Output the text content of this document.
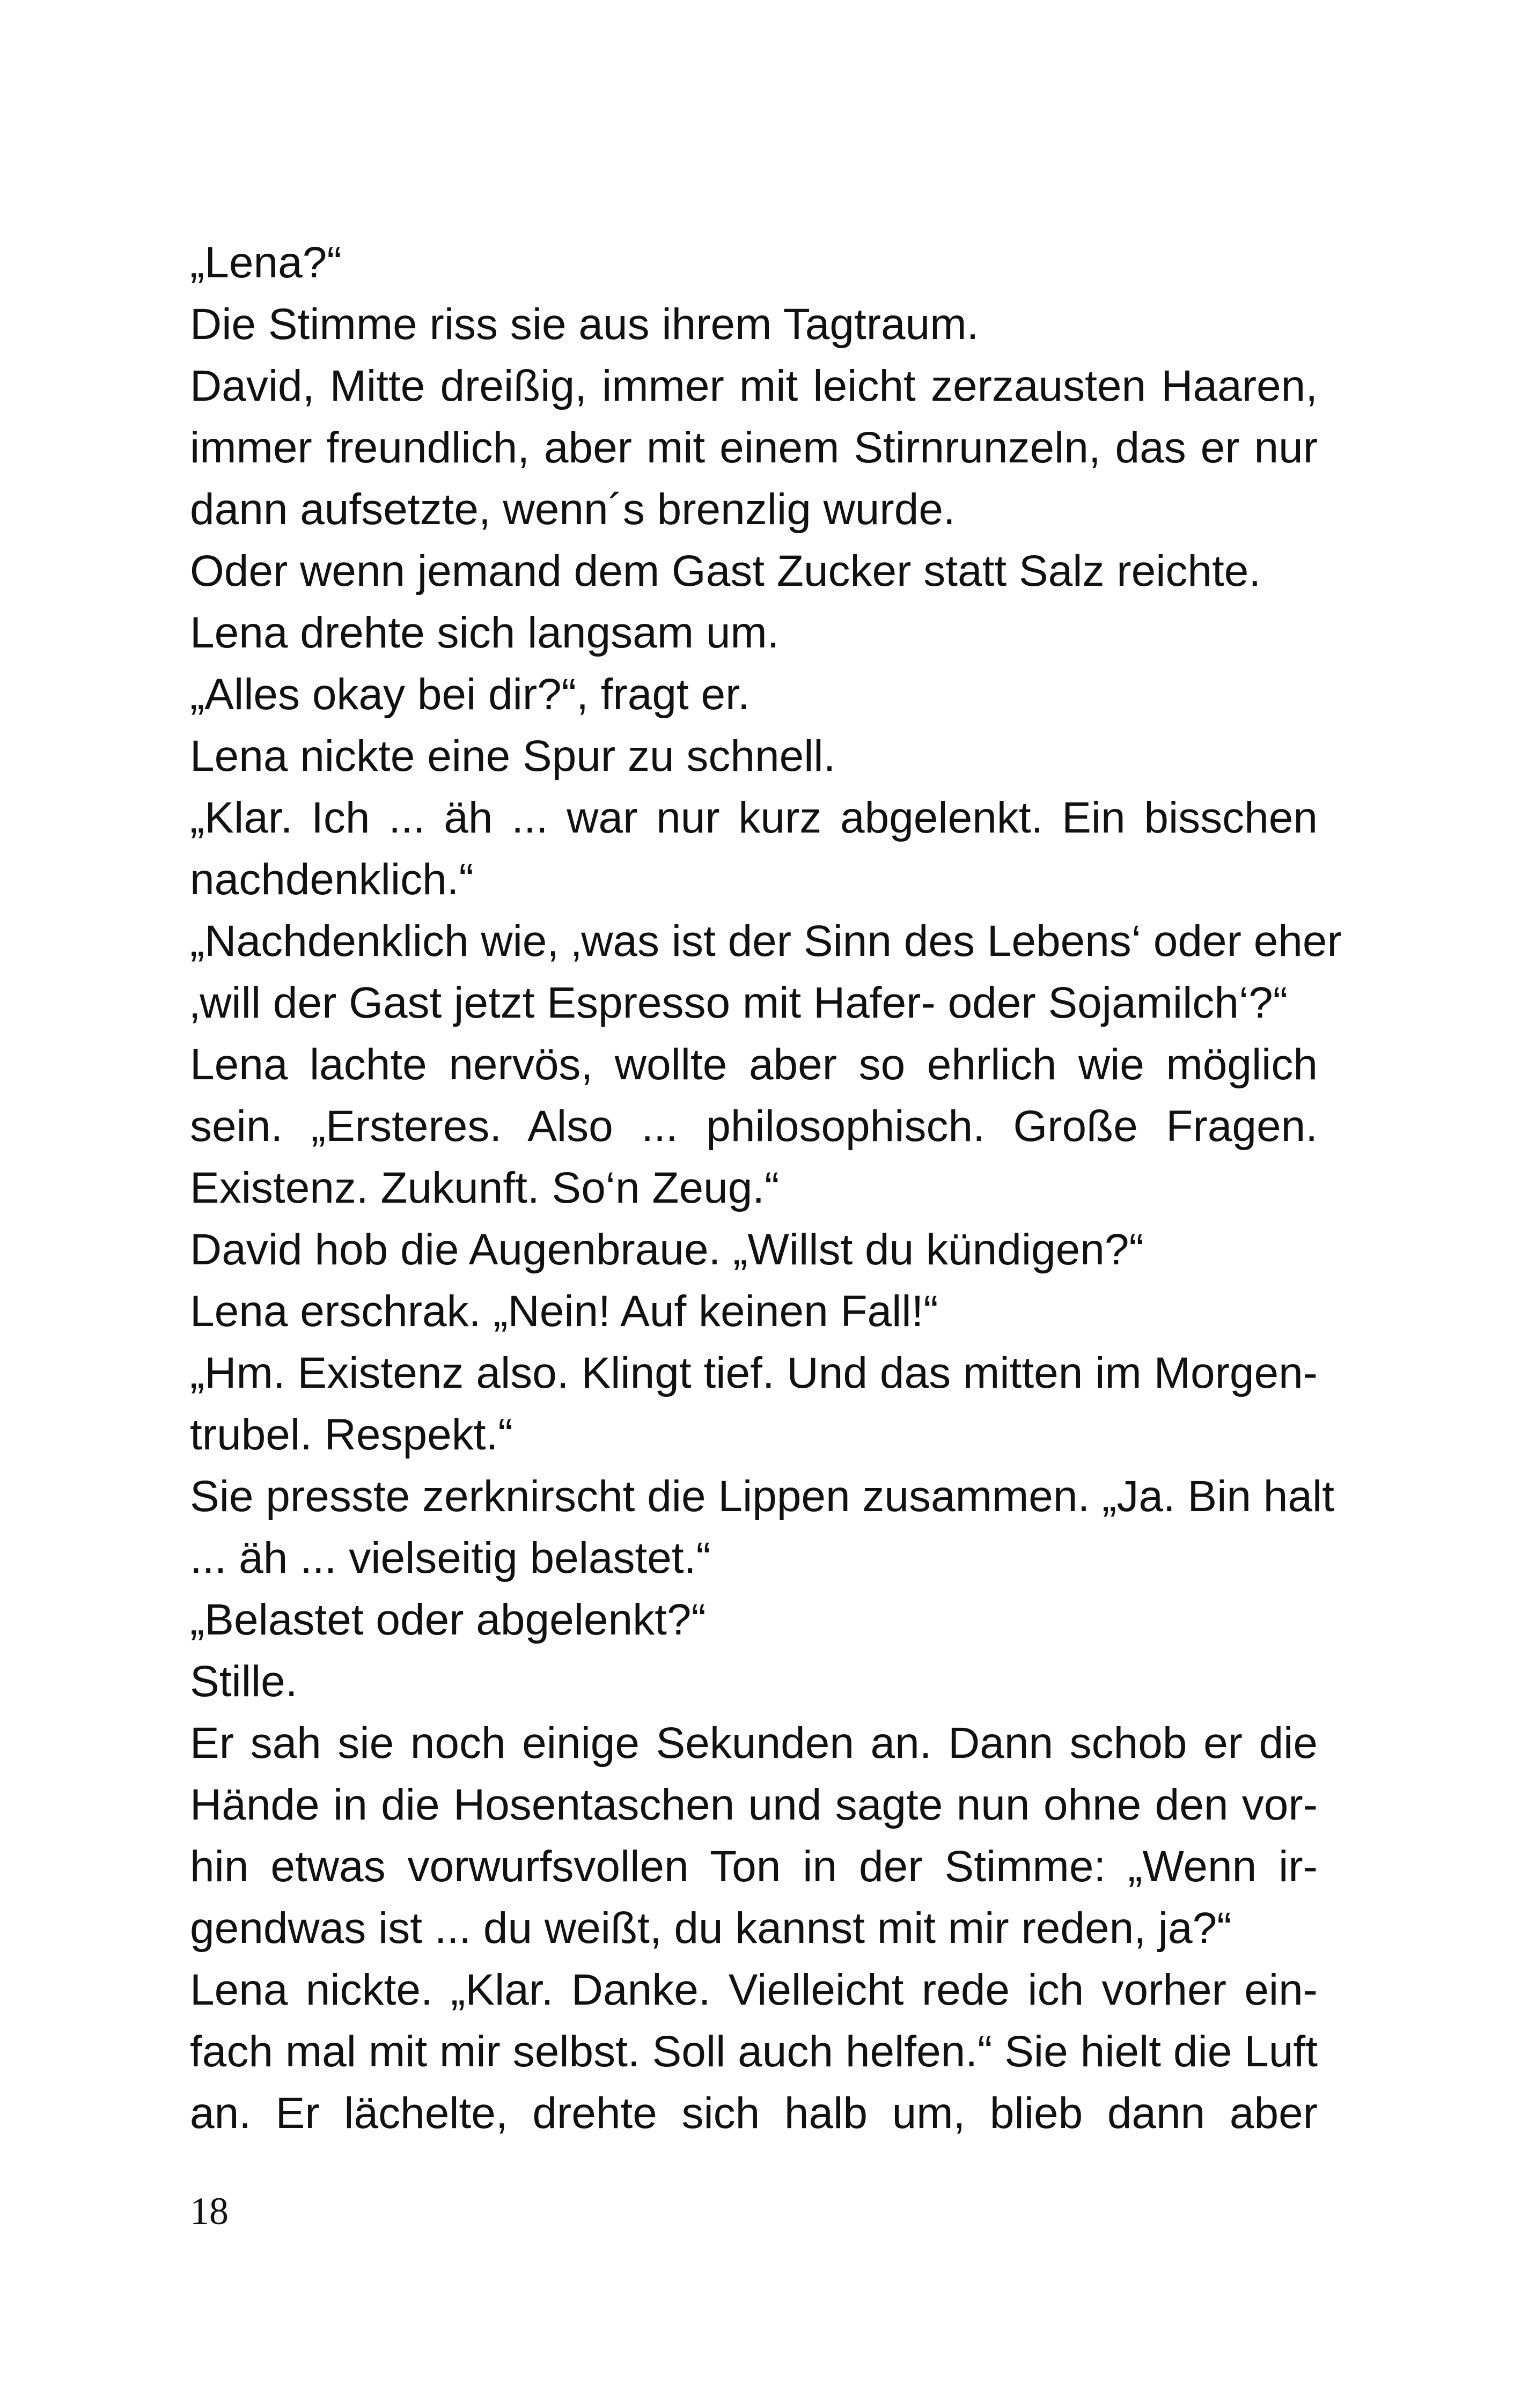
„Lena?“
Die Stimme riss sie aus ihrem Tagtraum.
David, Mitte dreißig, immer mit leicht zerzausten Haaren,
immer freundlich, aber mit einem Stirnrunzeln, das er nur
dann aufsetzte, wenn´s brenzlig wurde.
Oder wenn jemand dem Gast Zucker statt Salz reichte.
Lena drehte sich langsam um.
„Alles okay bei dir?“, fragt er.
Lena nickte eine Spur zu schnell.
„Klar. Ich ... äh ... war nur kurz abgelenkt. Ein bisschen
nachdenklich.“
„Nachdenklich wie, ‚was ist der Sinn des Lebens‘ oder eher
‚will der Gast jetzt Espresso mit Hafer- oder Sojamilch‘?“
Lena lachte nervös, wollte aber so ehrlich wie möglich
sein. „Ersteres. Also ... philosophisch. Große Fragen.
Existenz. Zukunft. So‘n Zeug.“
David hob die Augenbraue. „Willst du kündigen?“
Lena erschrak. „Nein! Auf keinen Fall!“
„Hm. Existenz also. Klingt tief. Und das mitten im Morgen-
trubel. Respekt.“
Sie presste zerknirscht die Lippen zusammen. „Ja. Bin halt
... äh ... vielseitig belastet.“
„Belastet oder abgelenkt?“
Stille.
Er sah sie noch einige Sekunden an. Dann schob er die
Hände in die Hosentaschen und sagte nun ohne den vor-
hin etwas vorwurfsvollen Ton in der Stimme: „Wenn ir-
gendwas ist ... du weißt, du kannst mit mir reden, ja?“
Lena nickte. „Klar. Danke. Vielleicht rede ich vorher ein-
fach mal mit mir selbst. Soll auch helfen.“ Sie hielt die Luft
an. Er lächelte, drehte sich halb um, blieb dann aber
18
